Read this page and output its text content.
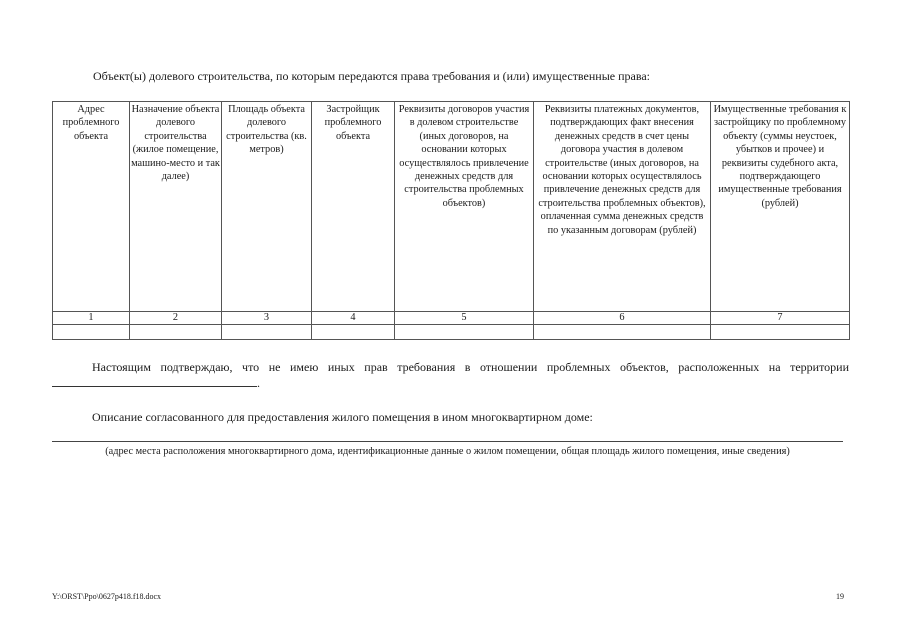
Объект(ы) долевого строительства, по которым передаются права требования и (или) имущественные права:
Адрес проблемного объекта	Назначение объекта долевого строительства (жилое помещение, машино-место и так далее)	Площадь объекта долевого строительства (кв. метров)	Застройщик проблемного объекта	Реквизиты договоров участия в долевом строительстве (иных договоров, на основании которых осуществлялось привлечение денежных средств для строительства проблемных объектов)	Реквизиты платежных документов, подтверждающих факт внесения денежных средств в счет цены договора участия в долевом строительстве (иных договоров, на основании которых осуществлялось привлечение денежных средств для строительства проблемных объектов), оплаченная сумма денежных средств по указанным договорам (рублей)	Имущественные требования к застройщику по проблемному объекту (суммы неустоек, убытков и прочее) и реквизиты судебного акта, подтверждающего имущественные требования (рублей)
1	2	3	4	5	6	7

Настоящим подтверждаю, что не имею иных прав требования в отношении проблемных объектов, расположенных на территории .
Описание согласованного для предоставления жилого помещения в ином многоквартирном доме:
(адрес места расположения многоквартирного дома, идентификационные данные о жилом помещении, общая площадь жилого помещения, иные сведения)
Y:\ORST\Ppo\0627p418.f18.docx	19
